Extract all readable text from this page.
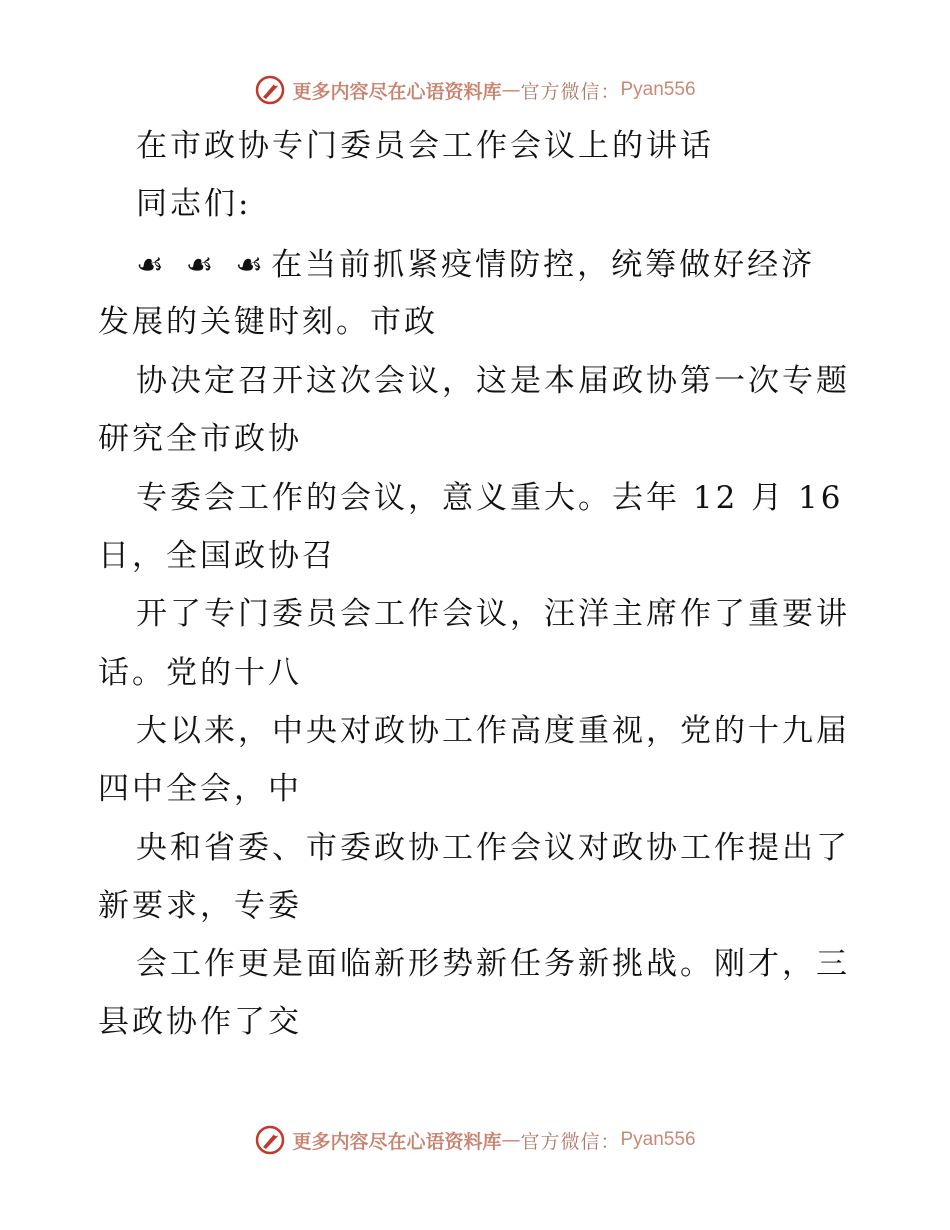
更多内容尽在心语资料库 — 官方微信： Pyan556

在市政协专门委员会工作会议上的讲话

同志们:

☙ ☙ ☙在当前抓紧疫情防控，统筹做好经济

发展的关键时刻。市政

协决定召开这次会议，这是本届政协第一次专题

研究全市政协

专委会工作的会议，意义重大。去年 12 月 16

日，全国政协召

开了专门委员会工作会议，汪洋主席作了重要讲

话。党的十八

大以来，中央对政协工作高度重视，党的十九届

四中全会，中

央和省委、市委政协工作会议对政协工作提出了

新要求，专委

会工作更是面临新形势新任务新挑战。刚才，三

县政协作了交

更多内容尽在心语资料库 — 官方微信： Pyan556
